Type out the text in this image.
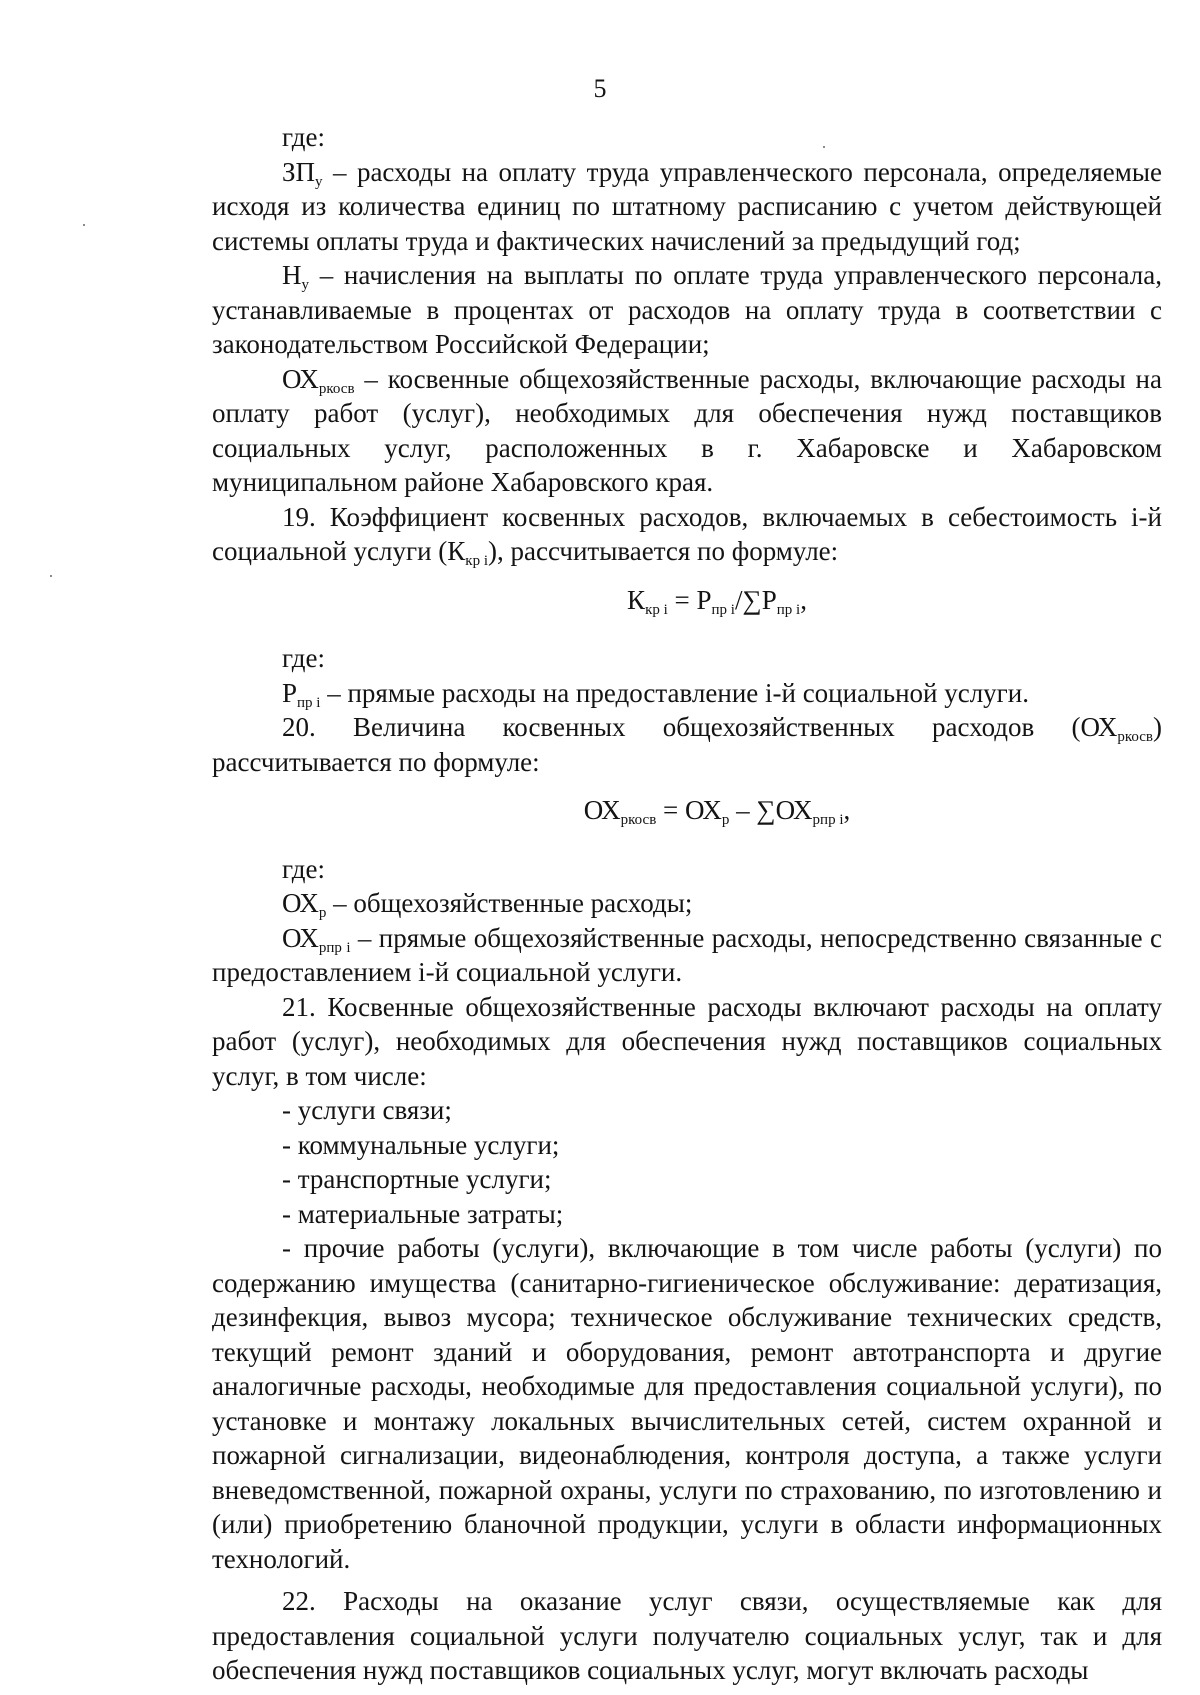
5

где:

$ЗП_у$ – расходы на оплату труда управленческого персонала, определяемые исходя из количества единиц по штатному расписанию с учетом действующей системы оплаты труда и фактических начислений за предыдущий год;

$Н_у$ – начисления на выплаты по оплате труда управленческого персонала, устанавливаемые в процентах от расходов на оплату труда в соответствии с законодательством Российской Федерации;

$ОХ_{ркосв}$ – косвенные общехозяйственные расходы, включающие расходы на оплату работ (услуг), необходимых для обеспечения нужд поставщиков социальных услуг, расположенных в г. Хабаровске и Хабаровском муниципальном районе Хабаровского края.

19. Коэффициент косвенных расходов, включаемых в себестоимость i-й социальной услуги $(К_{кр i})$, рассчитывается по формуле:

$К_{кр i} = Р_{пр i}/\sum Р_{пр i}$,

где:

$Р_{пр i}$ – прямые расходы на предоставление i-й социальной услуги.

20. Величина косвенных общехозяйственных расходов $(ОХ_{ркосв})$ рассчитывается по формуле:

$ОХ_{ркосв} = ОХ_р - \sum ОХ_{рпр i}$,

где:

$ОХ_р$ – общехозяйственные расходы;

$ОХ_{рпр i}$ – прямые общехозяйственные расходы, непосредственно связанные с предоставлением i-й социальной услуги.

21. Косвенные общехозяйственные расходы включают расходы на оплату работ (услуг), необходимых для обеспечения нужд поставщиков социальных услуг, в том числе:

- услуги связи;

- коммунальные услуги;

- транспортные услуги;

- материальные затраты;

- прочие работы (услуги), включающие в том числе работы (услуги) по содержанию имущества (санитарно-гигиеническое обслуживание: дератизация, дезинфекция, вывоз мусора; техническое обслуживание технических средств, текущий ремонт зданий и оборудования, ремонт автотранспорта и другие аналогичные расходы, необходимые для предоставления социальной услуги), по установке и монтажу локальных вычислительных сетей, систем охранной и пожарной сигнализации, видеонаблюдения, контроля доступа, а также услуги вневедомственной, пожарной охраны, услуги по страхованию, по изготовлению и (или) приобретению бланочной продукции, услуги в области информационных технологий.

22. Расходы на оказание услуг связи, осуществляемые как для предоставления социальной услуги получателю социальных услуг, так и для обеспечения нужд поставщиков социальных услуг, могут включать расходы
